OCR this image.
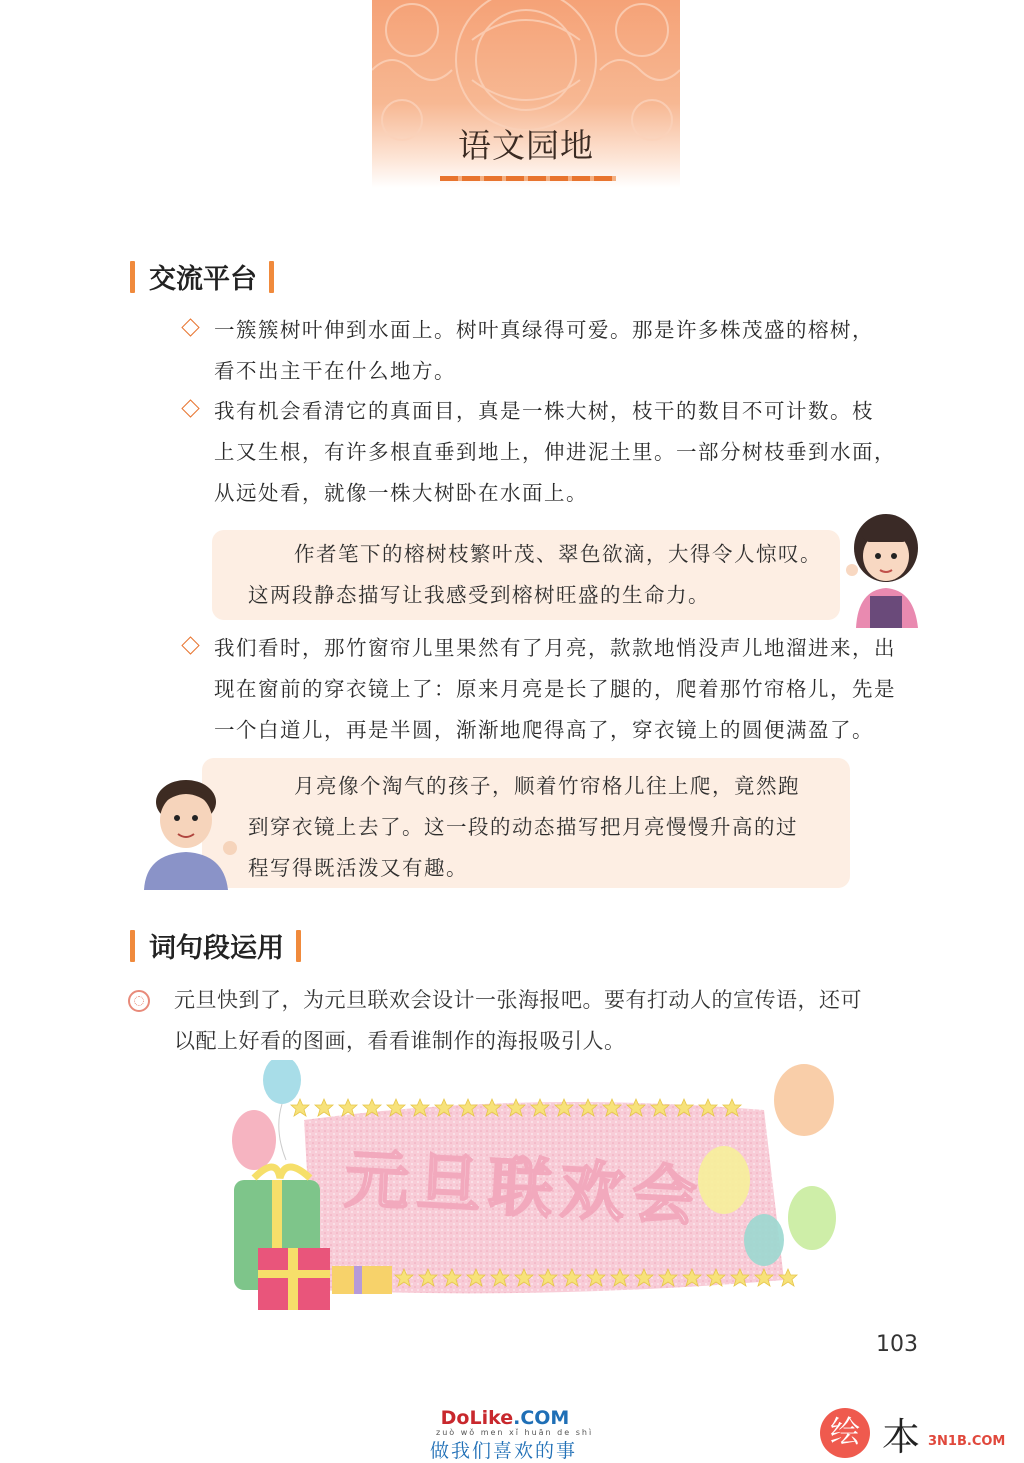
语文园地
交流平台
一簇簇树叶伸到水面上。树叶真绿得可爱。那是许多株茂盛的榕树，
看不出主干在什么地方。
我有机会看清它的真面目，真是一株大树，枝干的数目不可计数。枝
上又生根，有许多根直垂到地上，伸进泥土里。一部分树枝垂到水面，
从远处看，就像一株大树卧在水面上。
作者笔下的榕树枝繁叶茂、翠色欲滴，大得令人惊叹。
这两段静态描写让我感受到榕树旺盛的生命力。
我们看时，那竹窗帘儿里果然有了月亮，款款地悄没声儿地溜进来，出
现在窗前的穿衣镜上了：原来月亮是长了腿的，爬着那竹帘格儿，先是
一个白道儿，再是半圆，渐渐地爬得高了，穿衣镜上的圆便满盈了。
月亮像个淘气的孩子，顺着竹帘格儿往上爬，竟然跑
到穿衣镜上去了。这一段的动态描写把月亮慢慢升高的过
程写得既活泼又有趣。
词句段运用
元旦快到了，为元旦联欢会设计一张海报吧。要有打动人的宣传语，还可
以配上好看的图画，看看谁制作的海报吸引人。
元旦联欢会
103
DoLike.COM
zuò wǒ men xǐ huān de shì
做我们喜欢的事
绘 本 3N1B.COM
